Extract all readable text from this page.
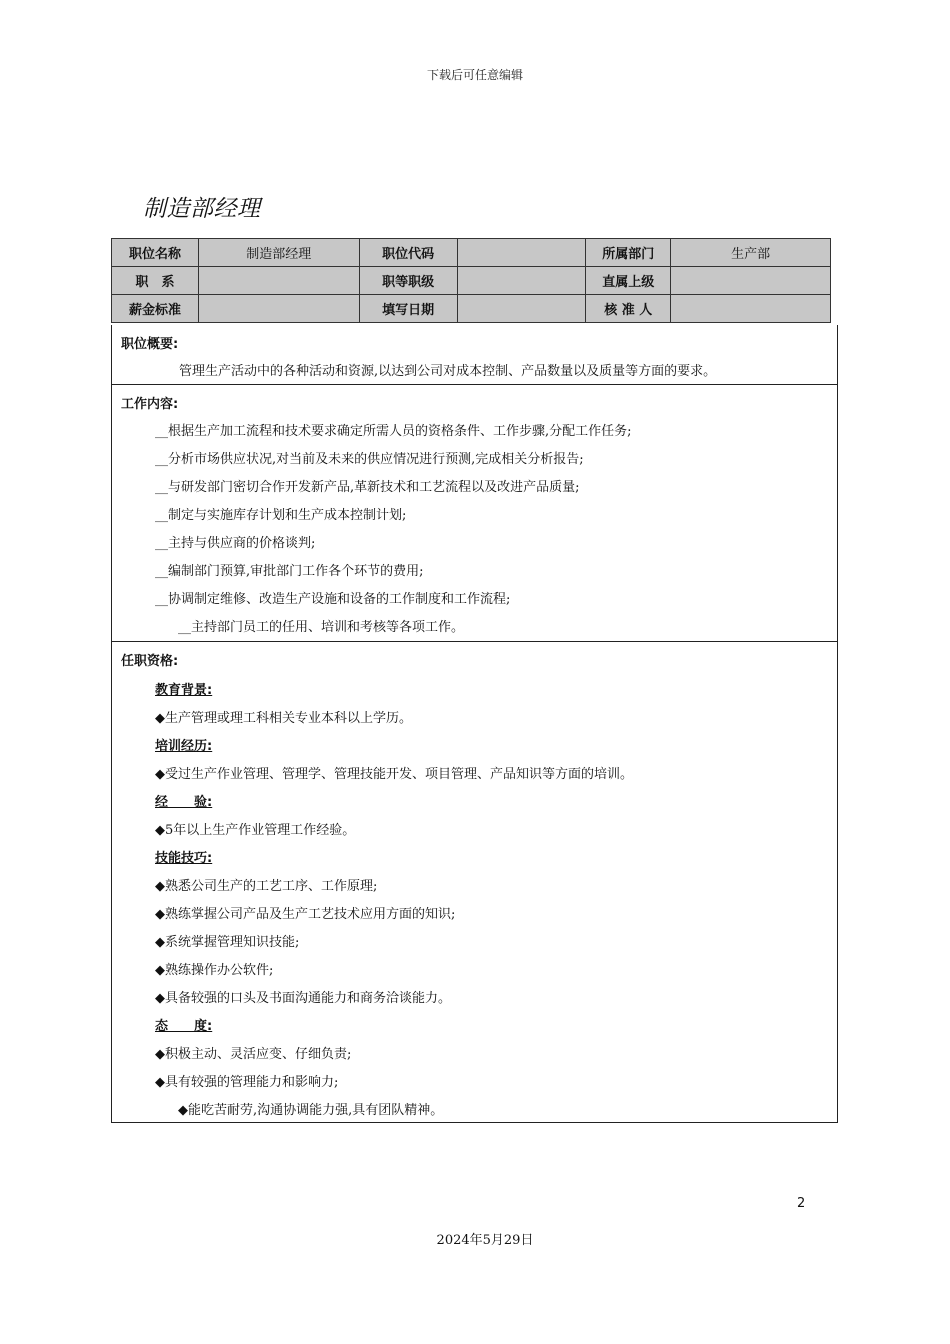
下载后可任意编辑
制造部经理
职位名称	制造部经理	职位代码		所属部门	生产部
职　系		职等职级		直属上级	
薪金标准		填写日期		核 准 人	
职位概要:
管理生产活动中的各种活动和资源,以达到公司对成本控制、产品数量以及质量等方面的要求。
工作内容:
__根据生产加工流程和技术要求确定所需人员的资格条件、工作步骤,分配工作任务;
__分析市场供应状况,对当前及未来的供应情况进行预测,完成相关分析报告;
__与研发部门密切合作开发新产品,革新技术和工艺流程以及改进产品质量;
__制定与实施库存计划和生产成本控制计划;
__主持与供应商的价格谈判;
__编制部门预算,审批部门工作各个环节的费用;
__协调制定维修、改造生产设施和设备的工作制度和工作流程;
__主持部门员工的任用、培训和考核等各项工作。
任职资格:
教育背景:
◆生产管理或理工科相关专业本科以上学历。
培训经历:
◆受过生产作业管理、管理学、管理技能开发、项目管理、产品知识等方面的培训。
经　　验:
◆5年以上生产作业管理工作经验。
技能技巧:
◆熟悉公司生产的工艺工序、工作原理;
◆熟练掌握公司产品及生产工艺技术应用方面的知识;
◆系统掌握管理知识技能;
◆熟练操作办公软件;
◆具备较强的口头及书面沟通能力和商务洽谈能力。
态　　度:
◆积极主动、灵活应变、仔细负责;
◆具有较强的管理能力和影响力;
◆能吃苦耐劳,沟通协调能力强,具有团队精神。
2
2024年5月29日
